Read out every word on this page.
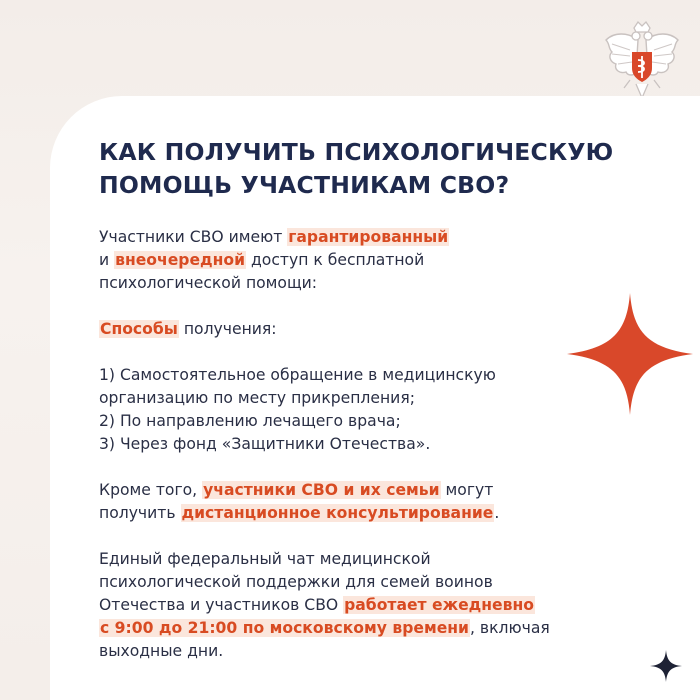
КАК ПОЛУЧИТЬ ПСИХОЛОГИЧЕСКУЮ
ПОМОЩЬ УЧАСТНИКАМ СВО?
Участники СВО имеют гарантированный
и внеочередной доступ к бесплатной
психологической помощи:
Способы получения:
1) Самостоятельное обращение в медицинскую
организацию по месту прикрепления;
2) По направлению лечащего врача;
3) Через фонд «Защитники Отечества».
Кроме того, участники СВО и их семьи могут
получить дистанционное консультирование.
Единый федеральный чат медицинской
психологической поддержки для семей воинов
Отечества и участников СВО работает ежедневно
с 9:00 до 21:00 по московскому времени, включая
выходные дни.
